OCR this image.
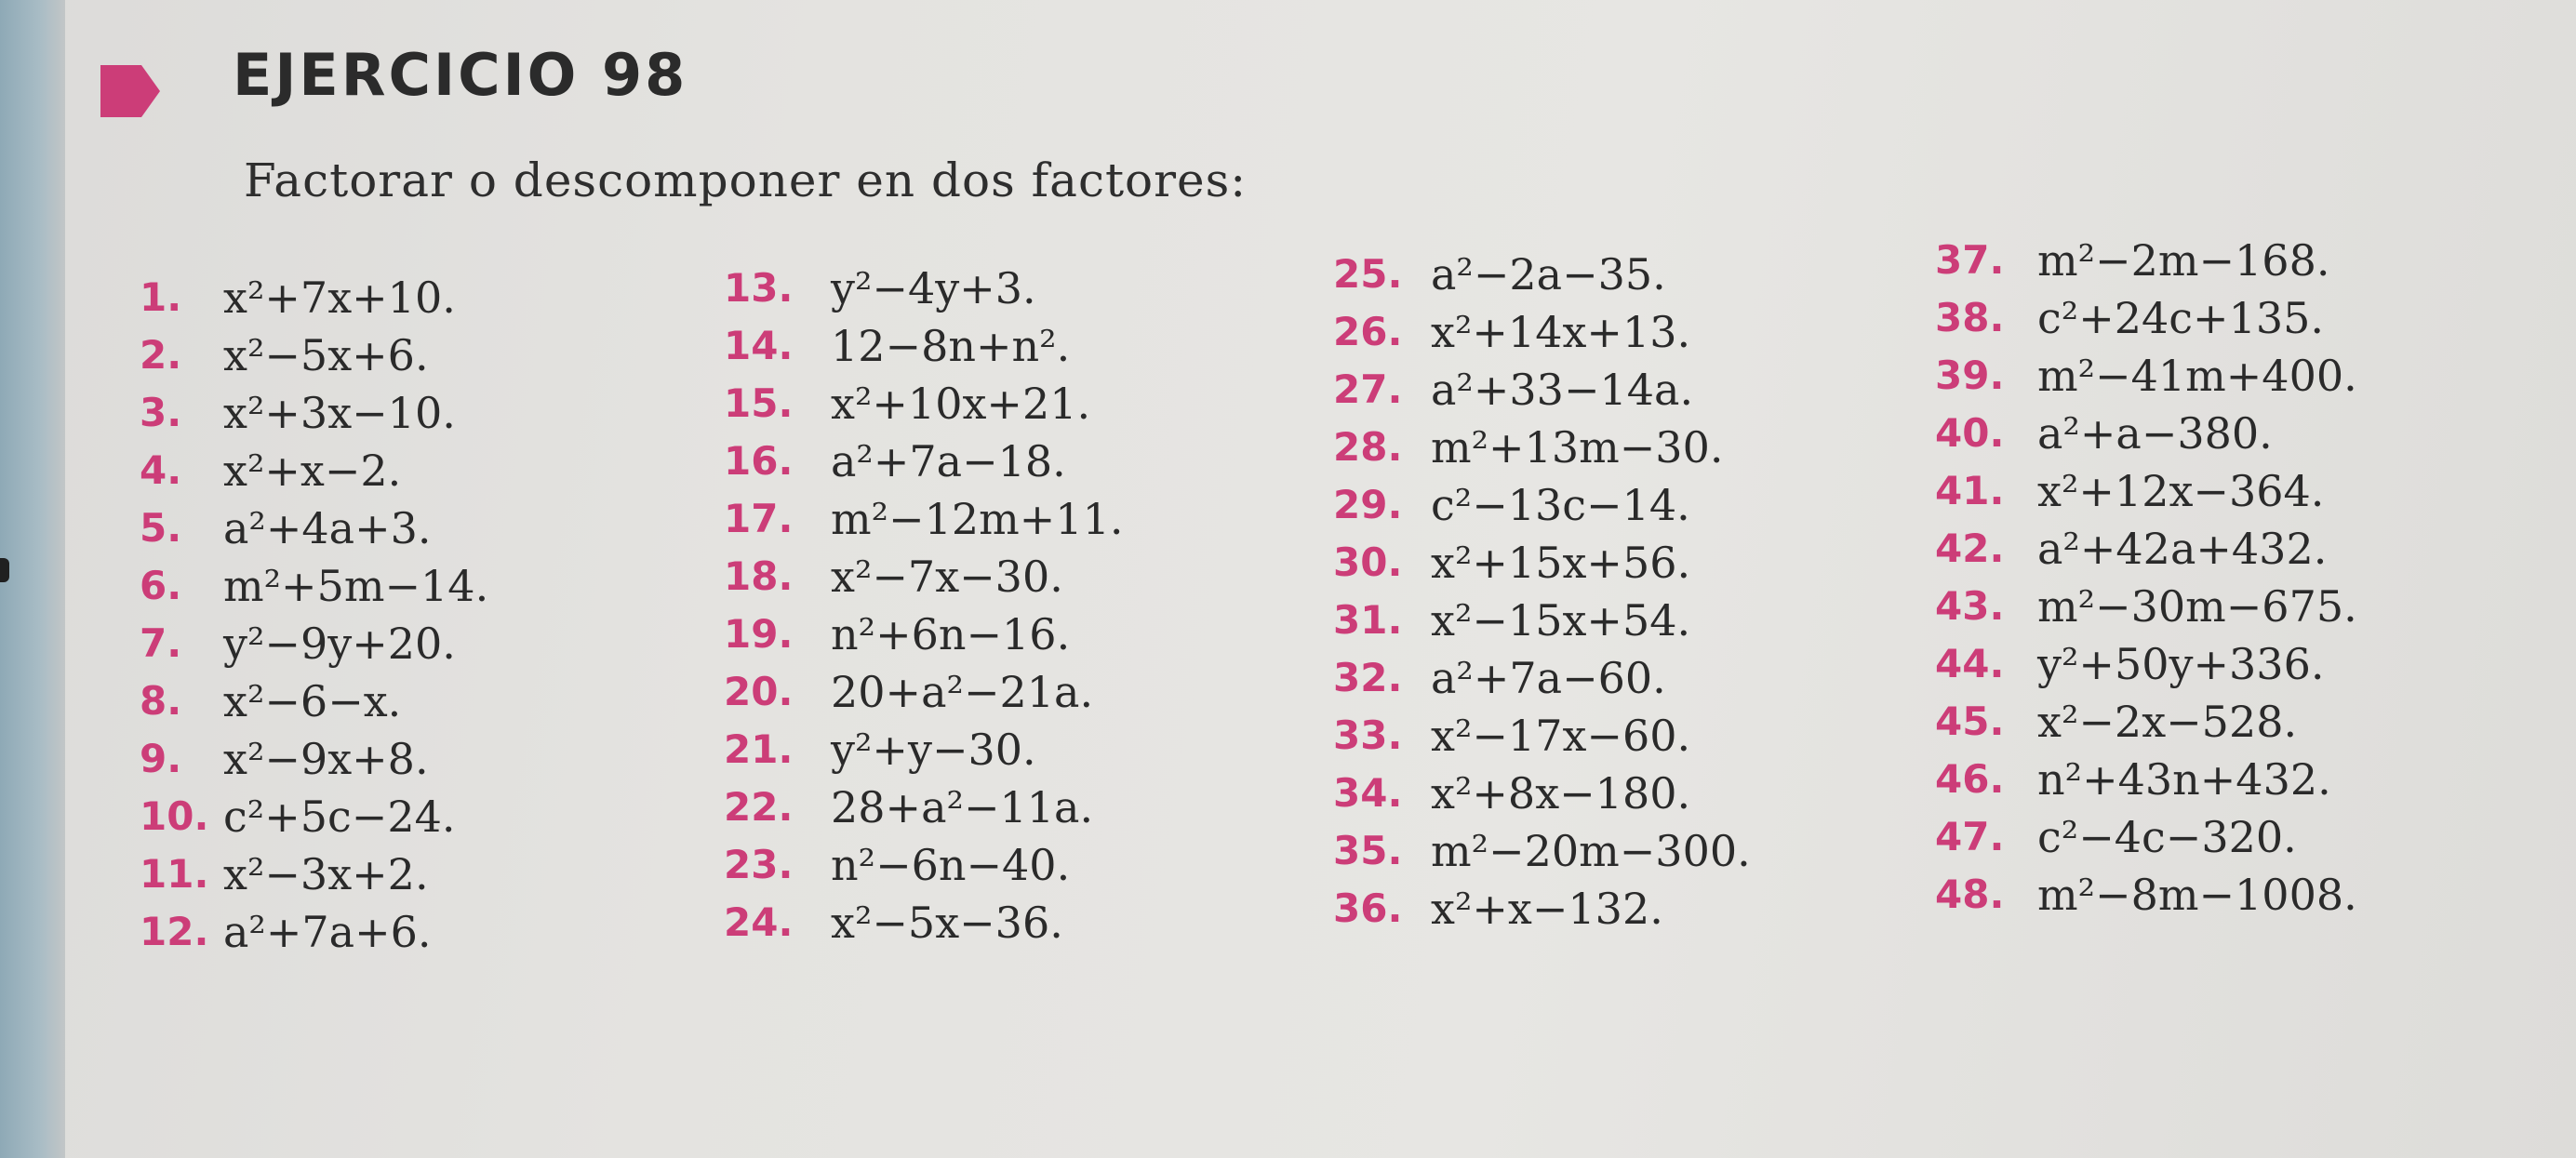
EJERCICIO 98
Factorar o descomponer en dos factores:
1. x²+7x+10.
2. x²−5x+6.
3. x²+3x−10.
4. x²+x−2.
5. a²+4a+3.
6. m²+5m−14.
7. y²−9y+20.
8. x²−6−x.
9. x²−9x+8.
10. c²+5c−24.
11. x²−3x+2.
12. a²+7a+6.
13. y²−4y+3.
14. 12−8n+n².
15. x²+10x+21.
16. a²+7a−18.
17. m²−12m+11.
18. x²−7x−30.
19. n²+6n−16.
20. 20+a²−21a.
21. y²+y−30.
22. 28+a²−11a.
23. n²−6n−40.
24. x²−5x−36.
25. a²−2a−35.
26. x²+14x+13.
27. a²+33−14a.
28. m²+13m−30.
29. c²−13c−14.
30. x²+15x+56.
31. x²−15x+54.
32. a²+7a−60.
33. x²−17x−60.
34. x²+8x−180.
35. m²−20m−300.
36. x²+x−132.
37. m²−2m−168.
38. c²+24c+135.
39. m²−41m+400.
40. a²+a−380.
41. x²+12x−364.
42. a²+42a+432.
43. m²−30m−675.
44. y²+50y+336.
45. x²−2x−528.
46. n²+43n+432.
47. c²−4c−320.
48. m²−8m−1008.
